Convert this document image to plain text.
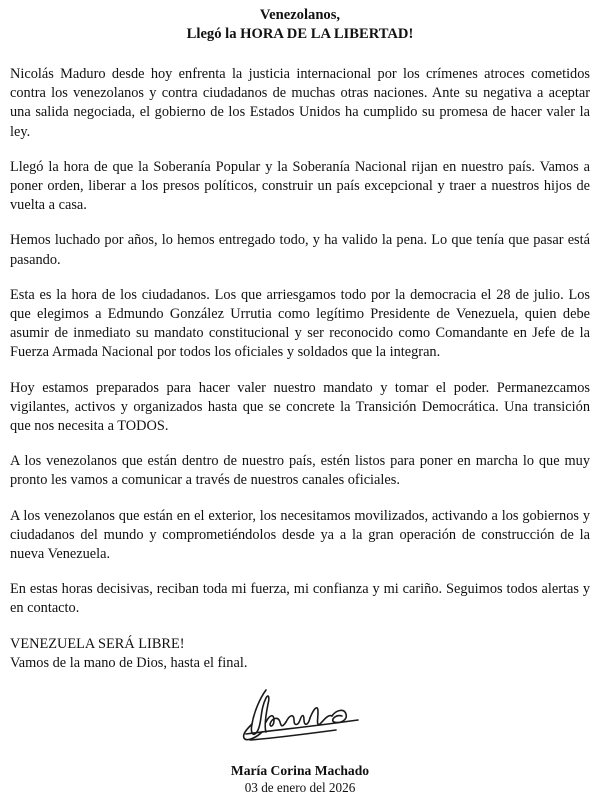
Venezolanos,

Llegó la HORA DE LA LIBERTAD!

Nicolás Maduro desde hoy enfrenta la justicia internacional por los crímenes atroces cometidos contra los venezolanos y contra ciudadanos de muchas otras naciones. Ante su negativa a aceptar una salida negociada, el gobierno de los Estados Unidos ha cumplido su promesa de hacer valer la ley.

Llegó la hora de que la Soberanía Popular y la Soberanía Nacional rijan en nuestro país. Vamos a poner orden, liberar a los presos políticos, construir un país excepcional y traer a nuestros hijos de vuelta a casa.

Hemos luchado por años, lo hemos entregado todo, y ha valido la pena. Lo que tenía que pasar está pasando.

Esta es la hora de los ciudadanos. Los que arriesgamos todo por la democracia el 28 de julio. Los que elegimos a Edmundo González Urrutia como legítimo Presidente de Venezuela, quien debe asumir de inmediato su mandato constitucional y ser reconocido como Comandante en Jefe de la Fuerza Armada Nacional por todos los oficiales y soldados que la integran.

Hoy estamos preparados para hacer valer nuestro mandato y tomar el poder. Permanezcamos vigilantes, activos y organizados hasta que se concrete la Transición Democrática. Una transición que nos necesita a TODOS.

A los venezolanos que están dentro de nuestro país, estén listos para poner en marcha lo que muy pronto les vamos a comunicar a través de nuestros canales oficiales.

A los venezolanos que están en el exterior, los necesitamos movilizados, activando a los gobiernos y ciudadanos del mundo y comprometiéndolos desde ya a la gran operación de construcción de la nueva Venezuela.

En estas horas decisivas, reciban toda mi fuerza, mi confianza y mi cariño. Seguimos todos alertas y en contacto.

VENEZUELA SERÁ LIBRE!

Vamos de la mano de Dios, hasta el final.

María Corina Machado

03 de enero del 2026
